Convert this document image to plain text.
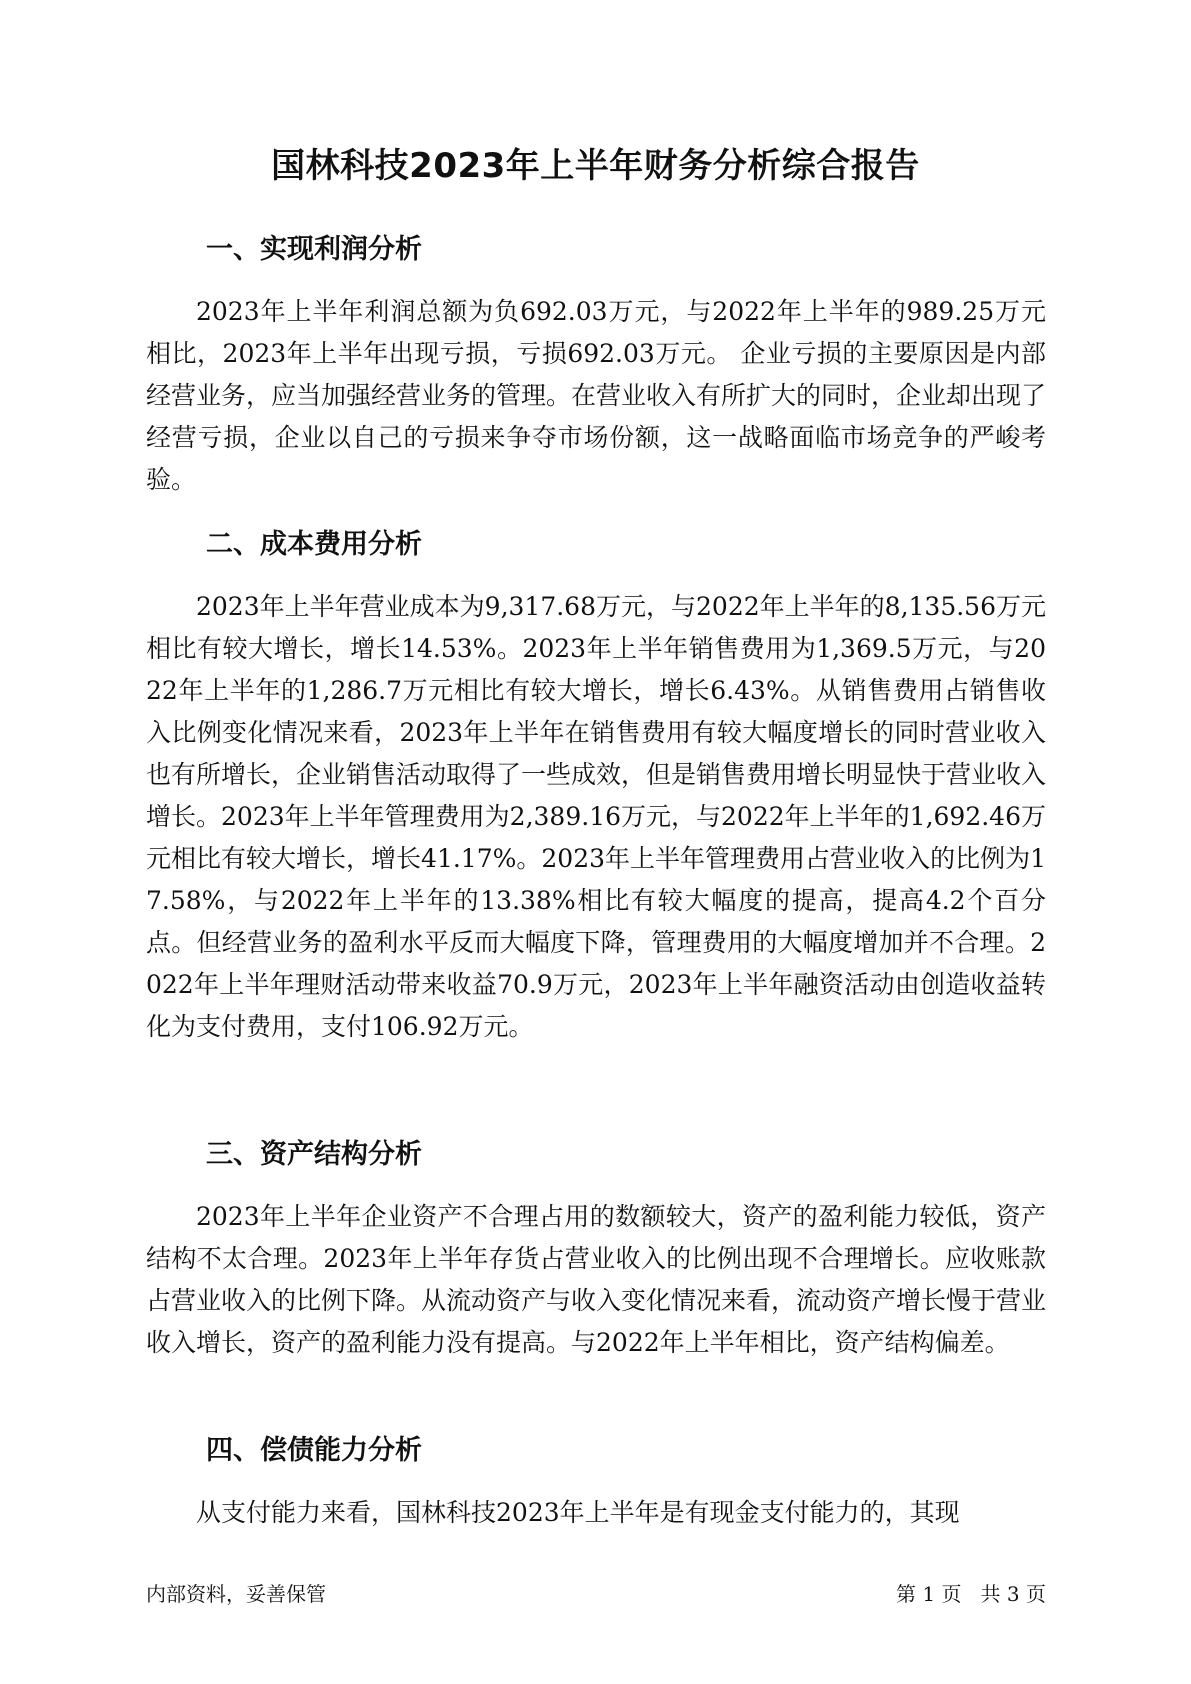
国林科技2023年上半年财务分析综合报告
一、实现利润分析

2023年上半年利润总额为负692.03万元，与2022年上半年的989.25万元相比，2023年上半年出现亏损，亏损692.03万元。 企业亏损的主要原因是内部经营业务，应当加强经营业务的管理。在营业收入有所扩大的同时，企业却出现了经营亏损，企业以自己的亏损来争夺市场份额，这一战略面临市场竞争的严峻考验。

二、成本费用分析

2023年上半年营业成本为9,317.68万元，与2022年上半年的8,135.56万元相比有较大增长，增长14.53%。2023年上半年销售费用为1,369.5万元，与2022年上半年的1,286.7万元相比有较大增长，增长6.43%。从销售费用占销售收入比例变化情况来看，2023年上半年在销售费用有较大幅度增长的同时营业收入也有所增长，企业销售活动取得了一些成效，但是销售费用增长明显快于营业收入增长。2023年上半年管理费用为2,389.16万元，与2022年上半年的1,692.46万元相比有较大增长，增长41.17%。2023年上半年管理费用占营业收入的比例为17.58%，与2022年上半年的13.38%相比有较大幅度的提高，提高4.2个百分点。但经营业务的盈利水平反而大幅度下降，管理费用的大幅度增加并不合理。2022年上半年理财活动带来收益70.9万元，2023年上半年融资活动由创造收益转化为支付费用，支付106.92万元。

三、资产结构分析

2023年上半年企业资产不合理占用的数额较大，资产的盈利能力较低，资产结构不太合理。2023年上半年存货占营业收入的比例出现不合理增长。应收账款占营业收入的比例下降。从流动资产与收入变化情况来看，流动资产增长慢于营业收入增长，资产的盈利能力没有提高。与2022年上半年相比，资产结构偏差。

四、偿债能力分析

从支付能力来看，国林科技2023年上半年是有现金支付能力的，其现

内部资料，妥善保管	第 1 页   共 3 页
